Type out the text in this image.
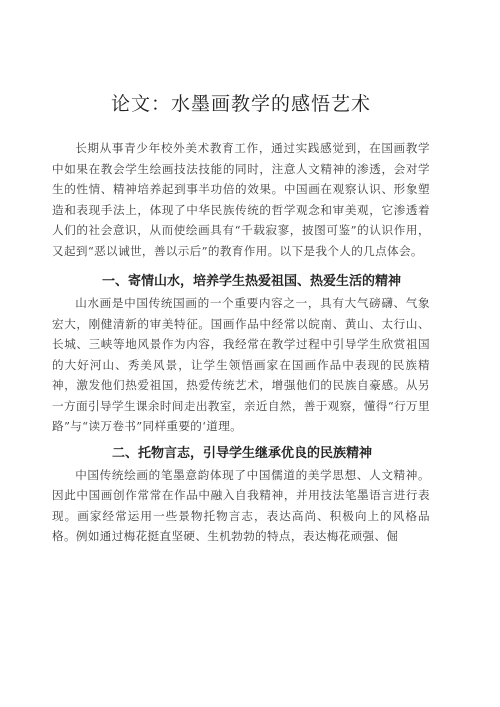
论文：水墨画教学的感悟艺术

长期从事青少年校外美术教育工作，通过实践感觉到，在国画教学中如果在教会学生绘画技法技能的同时，注意人文精神的渗透，会对学生的性情、精神培养起到事半功倍的效果。中国画在观察认识、形象塑造和表现手法上，体现了中华民族传统的哲学观念和审美观，它渗透着人们的社会意识，从而使绘画具有“千载寂寥，披图可鉴”的认识作用，又起到“恶以诫世，善以示后”的教育作用。以下是我个人的几点体会。

一、寄情山水，培养学生热爱祖国、热爱生活的精神

山水画是中国传统国画的一个重要内容之一，具有大气磅礴、气象宏大，刚健清新的审美特征。国画作品中经常以皖南、黄山、太行山、长城、三峡等地风景作为内容，我经常在教学过程中引导学生欣赏祖国的大好河山、秀美风景，让学生领悟画家在国画作品中表现的民族精神，激发他们热爱祖国，热爱传统艺术，增强他们的民族自豪感。从另一方面引导学生课余时间走出教室，亲近自然，善于观察，懂得“行万里路”与“读万卷书”同样重要的‘道理。

二、托物言志，引导学生继承优良的民族精神

中国传统绘画的笔墨意韵体现了中国儒道的美学思想、人文精神。因此中国画创作常常在作品中融入自我精神，并用技法笔墨语言进行表现。画家经常运用一些景物托物言志，表达高尚、积极向上的风格品格。例如通过梅花挺直坚硬、生机勃勃的特点，表达梅花顽强、倔
